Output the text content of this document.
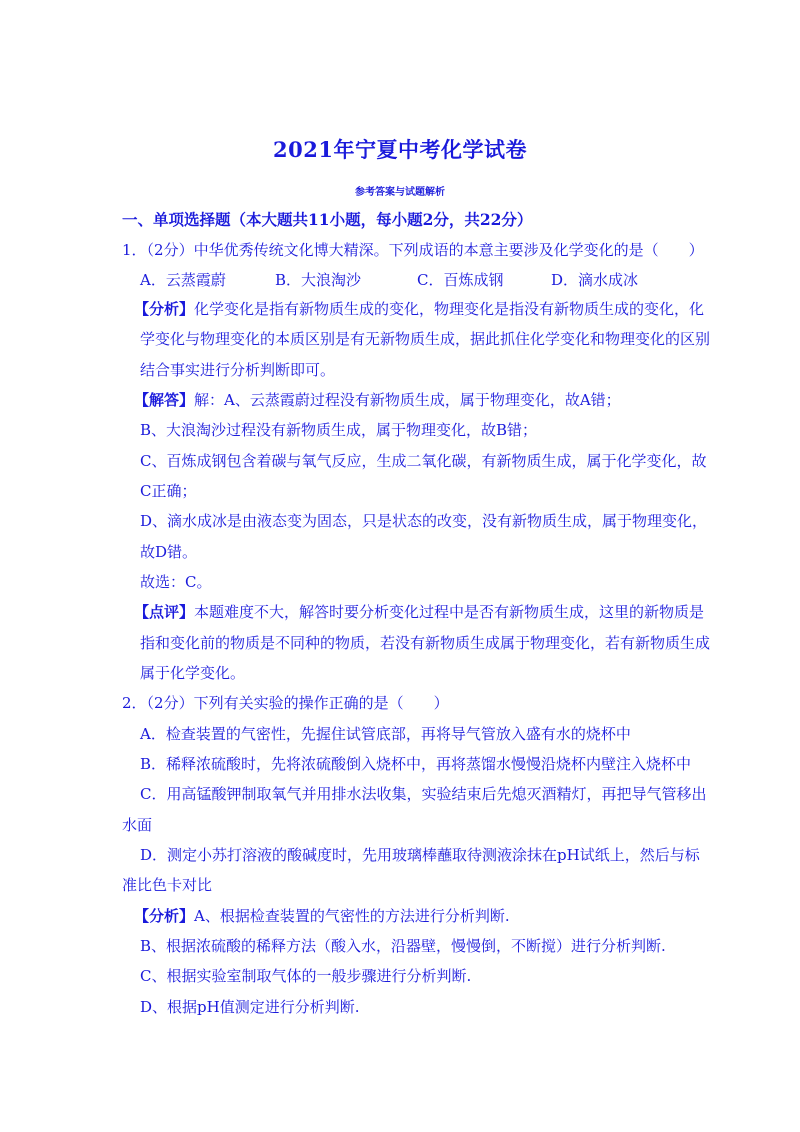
2021年宁夏中考化学试卷
参考答案与试题解析
一、单项选择题（本大题共11小题，每小题2分，共22分）
1．（2分）中华优秀传统文化博大精深。下列成语的本意主要涉及化学变化的是（　　）
A．云蒸霞蔚	B．大浪淘沙	C．百炼成钢	D．滴水成冰
【分析】化学变化是指有新物质生成的变化，物理变化是指没有新物质生成的变化，化
学变化与物理变化的本质区别是有无新物质生成，据此抓住化学变化和物理变化的区别
结合事实进行分析判断即可。
【解答】解：A、云蒸霞蔚过程没有新物质生成，属于物理变化，故A错；
B、大浪淘沙过程没有新物质生成，属于物理变化，故B错；
C、百炼成钢包含着碳与氧气反应，生成二氧化碳，有新物质生成，属于化学变化，故
C正确；
D、滴水成冰是由液态变为固态，只是状态的改变，没有新物质生成，属于物理变化，
故D错。
故选：C。
【点评】本题难度不大，解答时要分析变化过程中是否有新物质生成，这里的新物质是
指和变化前的物质是不同种的物质，若没有新物质生成属于物理变化，若有新物质生成
属于化学变化。
2．（2分）下列有关实验的操作正确的是（　　）
A．检查装置的气密性，先握住试管底部，再将导气管放入盛有水的烧杯中
B．稀释浓硫酸时，先将浓硫酸倒入烧杯中，再将蒸馏水慢慢沿烧杯内壁注入烧杯中
C．用高锰酸钾制取氧气并用排水法收集，实验结束后先熄灭酒精灯，再把导气管移出
水面
D．测定小苏打溶液的酸碱度时，先用玻璃棒蘸取待测液涂抹在pH试纸上，然后与标
准比色卡对比
【分析】A、根据检查装置的气密性的方法进行分析判断.
B、根据浓硫酸的稀释方法（酸入水，沿器壁，慢慢倒，不断搅）进行分析判断.
C、根据实验室制取气体的一般步骤进行分析判断.
D、根据pH值测定进行分析判断.
